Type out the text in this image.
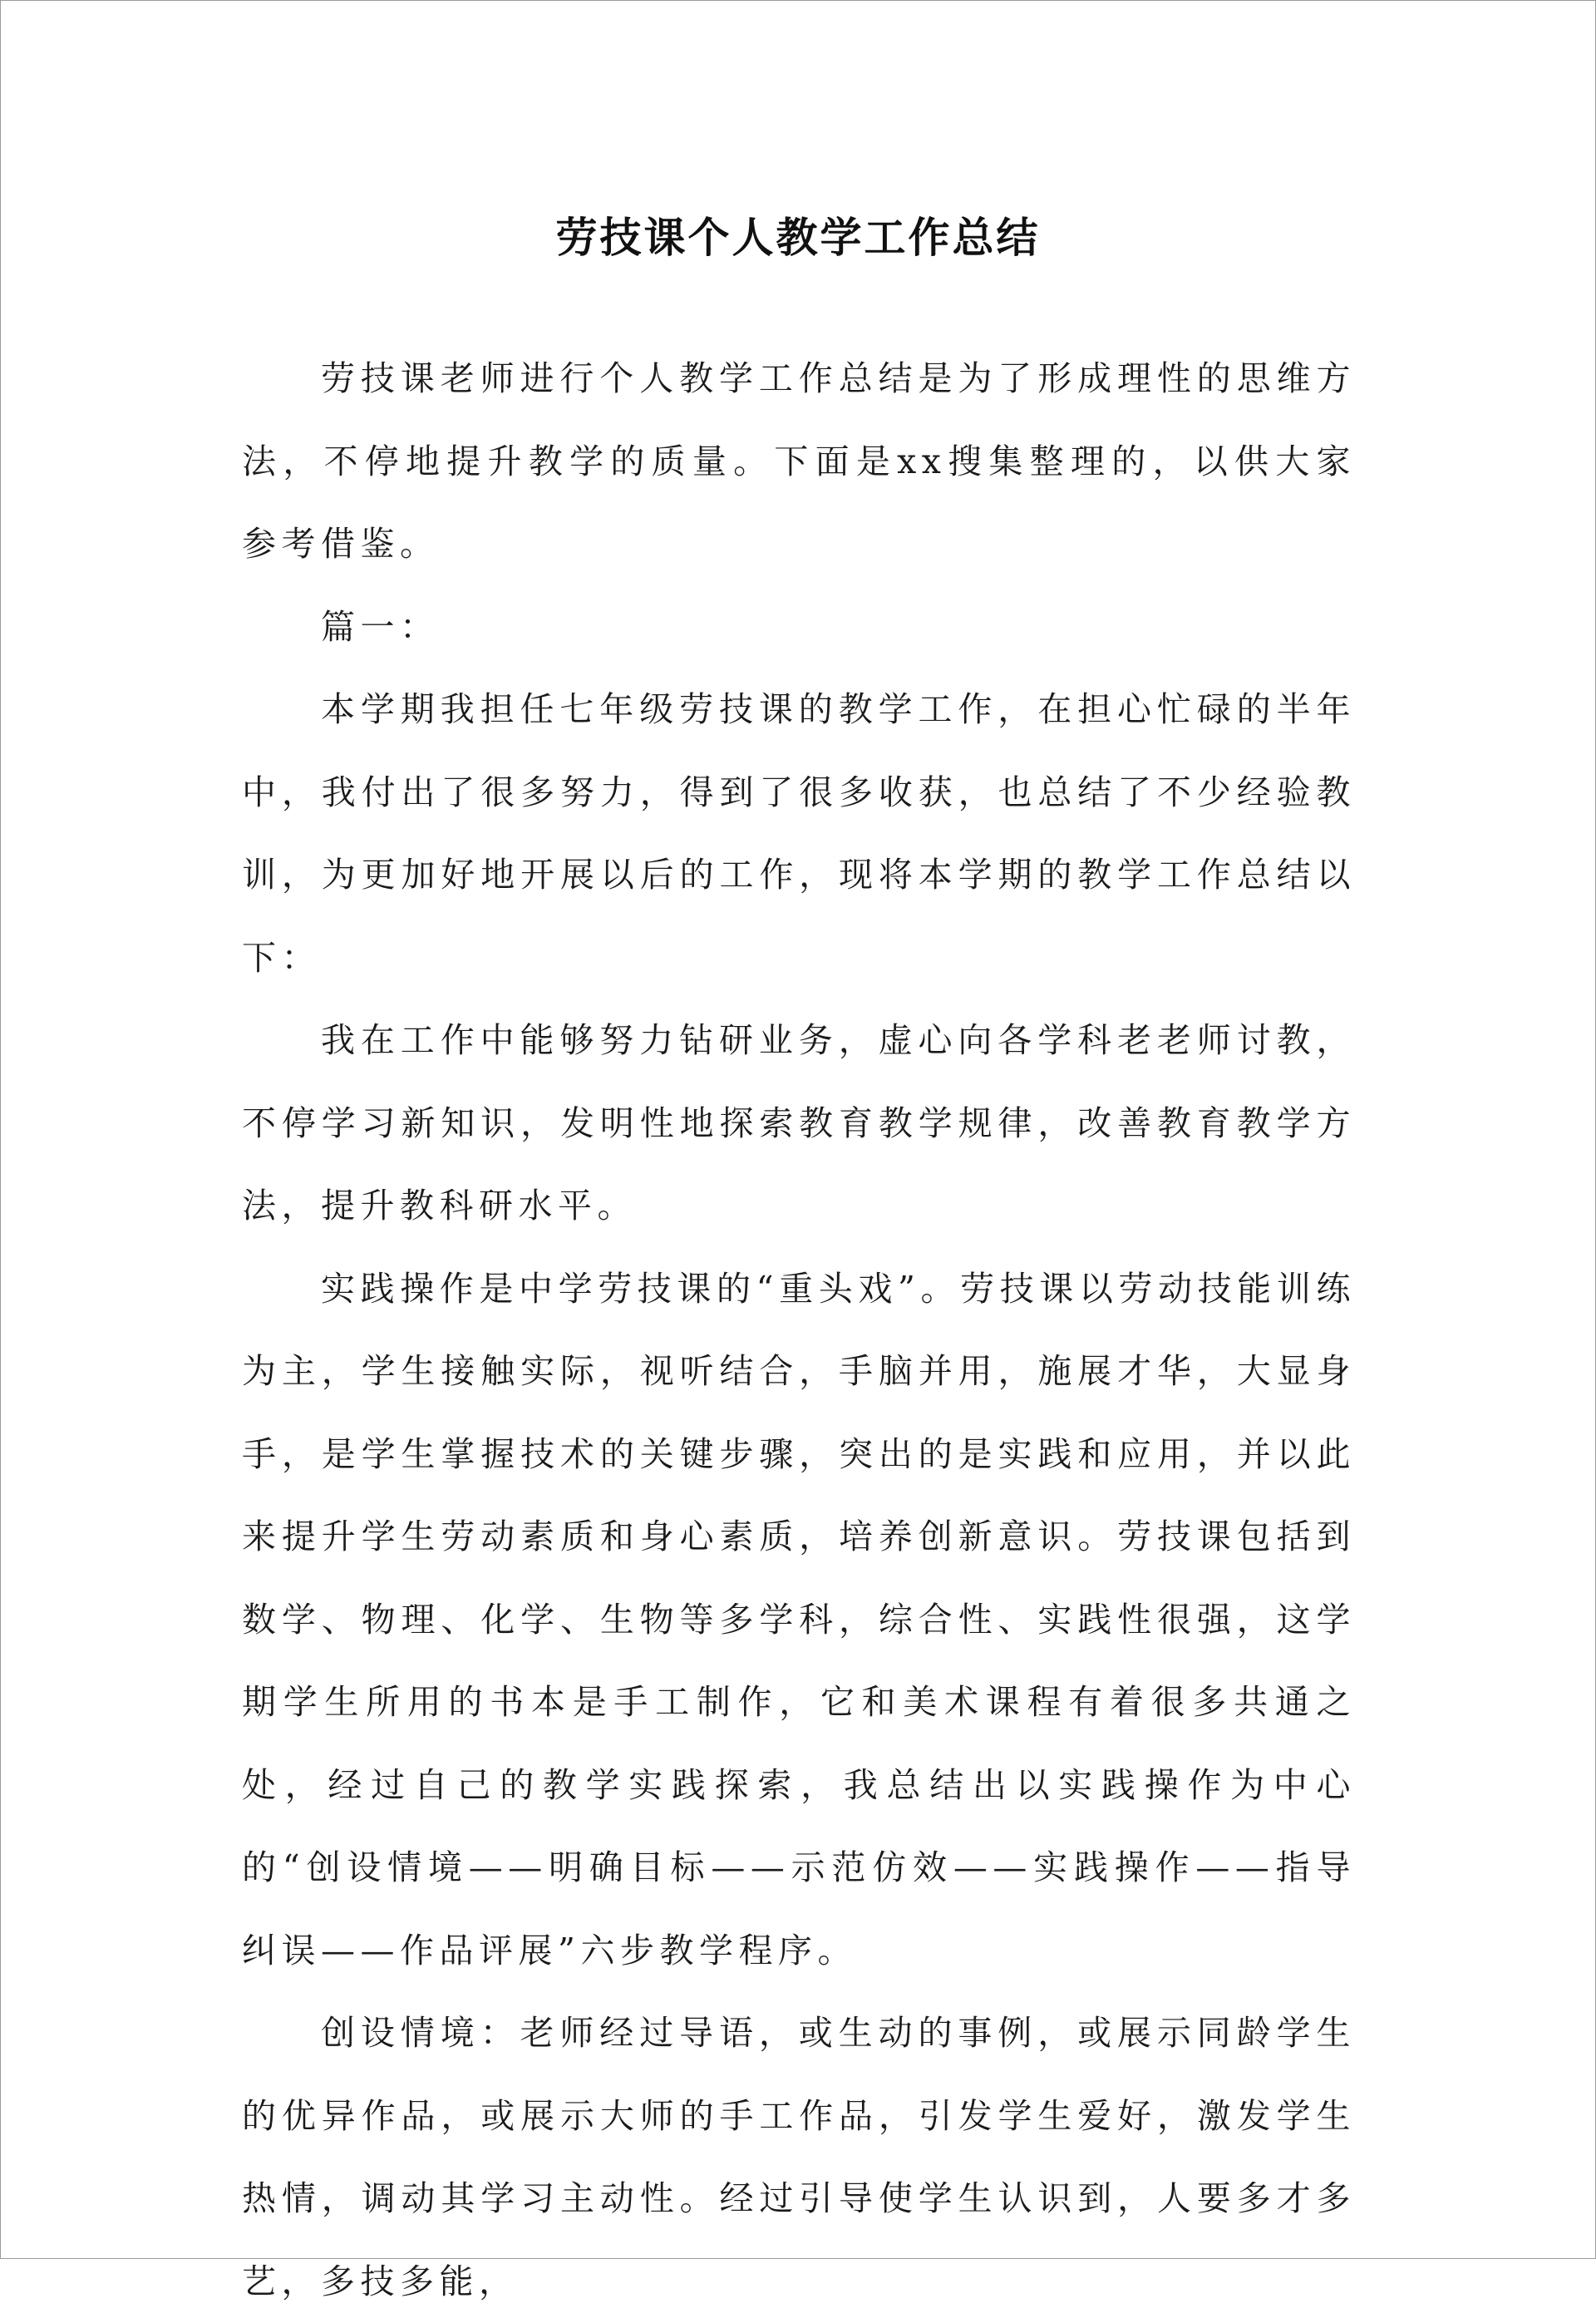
劳技课个人教学工作总结

劳技课老师进行个人教学工作总结是为了形成理性的思维方法，不停地提升教学的质量。下面是xx搜集整理的，以供大家参考借鉴。

篇一：

本学期我担任七年级劳技课的教学工作，在担心忙碌的半年中，我付出了很多努力，得到了很多收获，也总结了不少经验教训，为更加好地开展以后的工作，现将本学期的教学工作总结以下：

我在工作中能够努力钻研业务，虚心向各学科老老师讨教，不停学习新知识，发明性地探索教育教学规律，改善教育教学方法，提升教科研水平。

实践操作是中学劳技课的“重头戏”。劳技课以劳动技能训练为主，学生接触实际，视听结合，手脑并用，施展才华，大显身手，是学生掌握技术的关键步骤，突出的是实践和应用，并以此来提升学生劳动素质和身心素质，培养创新意识。劳技课包括到数学、物理、化学、生物等多学科，综合性、实践性很强，这学期学生所用的书本是手工制作，它和美术课程有着很多共通之处，经过自己的教学实践探索，我总结出以实践操作为中心的“创设情境——明确目标——示范仿效——实践操作——指导纠误——作品评展”六步教学程序。

创设情境：老师经过导语，或生动的事例，或展示同龄学生的优异作品，或展示大师的手工作品，引发学生爱好，激发学生热情，调动其学习主动性。经过引导使学生认识到，人要多才多艺，多技多能，
